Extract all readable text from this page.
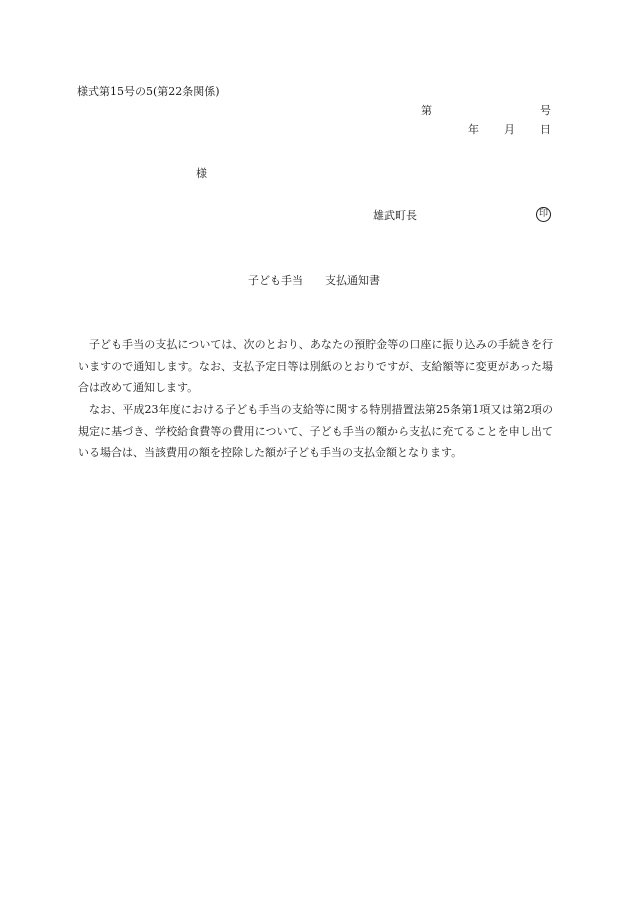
様式第15号の5(第22条関係)
第	号
年 月 日
様
雄武町長	印
子ども手当 支払通知書

子ども手当の支払については、次のとおり、あなたの預貯金等の口座に振り込みの手続きを行いますので通知します。なお、支払予定日等は別紙のとおりですが、支給額等に変更があった場合は改めて通知します。

なお、平成23年度における子ども手当の支給等に関する特別措置法第25条第1項又は第2項の規定に基づき、学校給食費等の費用について、子ども手当の額から支払に充てることを申し出ている場合は、当該費用の額を控除した額が子ども手当の支払金額となります。
